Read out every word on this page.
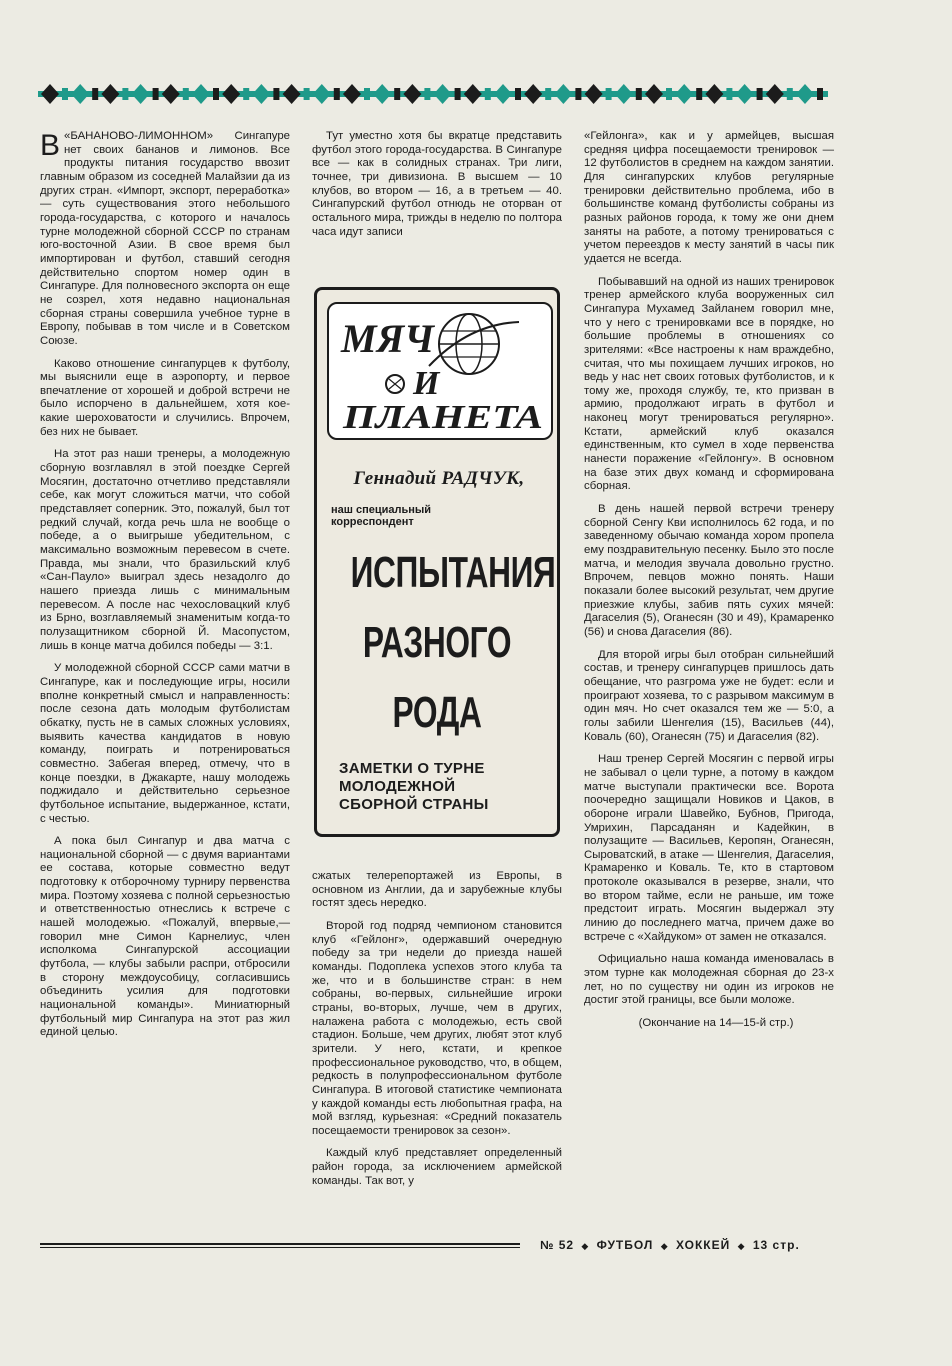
В «БАНАНОВО-ЛИМОННОМ» Сингапуре нет своих бананов и лимонов. Все продукты питания государство ввозит главным образом из соседней Малайзии да из других стран. «Импорт, экспорт, переработка» — суть существования этого небольшого города-государства, с которого и началось турне молодежной сборной СССР по странам юго-восточной Азии. В свое время был импортирован и футбол, ставший сегодня действительно спортом номер один в Сингапуре. Для полновесного экспорта он еще не созрел, хотя недавно национальная сборная страны совершила учебное турне в Европу, побывав в том числе и в Советском Союзе.

Каково отношение сингапурцев к футболу, мы выяснили еще в аэропорту, и первое впечатление от хорошей и доброй встречи не было испорчено в дальнейшем, хотя кое-какие шероховатости и случились. Впрочем, без них не бывает.

На этот раз наши тренеры, а молодежную сборную возглавлял в этой поездке Сергей Мосягин, достаточно отчетливо представляли себе, как могут сложиться матчи, что собой представляет соперник. Это, пожалуй, был тот редкий случай, когда речь шла не вообще о победе, а о выигрыше убедительном, с максимально возможным перевесом в счете. Правда, мы знали, что бразильский клуб «Сан-Пауло» выиграл здесь незадолго до нашего приезда лишь с минимальным перевесом. А после нас чехословацкий клуб из Брно, возглавляемый знаменитым когда-то полузащитником сборной Й. Масопустом, лишь в конце матча добился победы — 3:1.

У молодежной сборной СССР сами матчи в Сингапуре, как и последующие игры, носили вполне конкретный смысл и направленность: после сезона дать молодым футболистам обкатку, пусть не в самых сложных условиях, выявить качества кандидатов в новую команду, поиграть и потренироваться совместно. Забегая вперед, отмечу, что в конце поездки, в Джакарте, нашу молодежь поджидало и действительно серьезное футбольное испытание, выдержанное, кстати, с честью.

А пока был Сингапур и два матча с национальной сборной — с двумя вариантами ее состава, которые совместно ведут подготовку к отборочному турниру первенства мира. Поэтому хозяева с полной серьезностью и ответственностью отнеслись к встрече с нашей молодежью. «Пожалуй, впервые,— говорил мне Симон Карнелиус, член исполкома Сингапурской ассоциации футбола, — клубы забыли распри, отбросили в сторону междоусобицу, согласившись объединить усилия для подготовки национальной команды». Миниатюрный футбольный мир Сингапура на этот раз жил единой целью.

Тут уместно хотя бы вкратце представить футбол этого города-государства. В Сингапуре все — как в солидных странах. Три лиги, точнее, три дивизиона. В высшем — 10 клубов, во втором — 16, а в третьем — 40. Сингапурский футбол отнюдь не оторван от остального мира, трижды в неделю по полтора часа идут записи

МЯЧ
И
ПЛАНЕТА
Геннадий РАДЧУК,
наш специальный
корреспондент
ИСПЫТАНИЯ
РАЗНОГО
РОДА
ЗАМЕТКИ О ТУРНЕ
МОЛОДЕЖНОЙ
СБОРНОЙ СТРАНЫ

сжатых телерепортажей из Европы, в основном из Англии, да и зарубежные клубы гостят здесь нередко.

Второй год подряд чемпионом становится клуб «Гейлонг», одержавший очередную победу за три недели до приезда нашей команды. Подоплека успехов этого клуба та же, что и в большинстве стран: в нем собраны, во-первых, сильнейшие игроки страны, во-вторых, лучше, чем в других, налажена работа с молодежью, есть свой стадион. Больше, чем других, любят этот клуб зрители. У него, кстати, и крепкое профессиональное руководство, что, в общем, редкость в полупрофессиональном футболе Сингапура. В итоговой статистике чемпионата у каждой команды есть любопытная графа, на мой взгляд, курьезная: «Средний показатель посещаемости тренировок за сезон».

Каждый клуб представляет определенный район города, за исключением армейской команды. Так вот, у

«Гейлонга», как и у армейцев, высшая средняя цифра посещаемости тренировок — 12 футболистов в среднем на каждом занятии. Для сингапурских клубов регулярные тренировки действительно проблема, ибо в большинстве команд футболисты собраны из разных районов города, к тому же они днем заняты на работе, а потому тренироваться с учетом переездов к месту занятий в часы пик удается не всегда.

Побывавший на одной из наших тренировок тренер армейского клуба вооруженных сил Сингапура Мухамед Зайланем говорил мне, что у него с тренировками все в порядке, но большие проблемы в отношениях со зрителями: «Все настроены к нам враждебно, считая, что мы похищаем лучших игроков, но ведь у нас нет своих готовых футболистов, и к тому же, проходя службу, те, кто призван в армию, продолжают играть в футбол и наконец могут тренироваться регулярно». Кстати, армейский клуб оказался единственным, кто сумел в ходе первенства нанести поражение «Гейлонгу». В основном на базе этих двух команд и сформирована сборная.

В день нашей первой встречи тренеру сборной Сенгу Кви исполнилось 62 года, и по заведенному обычаю команда хором пропела ему поздравительную песенку. Было это после матча, и мелодия звучала довольно грустно. Впрочем, певцов можно понять. Наши показали более высокий результат, чем другие приезжие клубы, забив пять сухих мячей: Даraселия (5), Оганесян (30 и 49), Крамаренко (56) и снова Даraселия (86).

Для второй игры был отобран сильнейший состав, и тренеру сингапурцев пришлось дать обещание, что разгрома уже не будет: если и проиграют хозяева, то с разрывом максимум в один мяч. Но счет оказался тем же — 5:0, а голы забили Шенгелия (15), Васильев (44), Коваль (60), Оганесян (75) и Даraселия (82).

Наш тренер Сергей Мосягин с первой игры не забывал о цели турне, а потому в каждом матче выступали практически все. Ворота поочередно защищали Новиков и Цаков, в обороне играли Шавейко, Бубнов, Пригода, Умрихин, Парсаданян и Кадейкин, в полузащите — Васильев, Керопян, Оганесян, Сыроватский, в атаке — Шенгелия, Даraселия, Крамаренко и Коваль. Те, кто в стартовом протоколе оказывался в резерве, знали, что во втором тайме, если не раньше, им тоже предстоит играть. Мосягин выдержал эту линию до последнего матча, причем даже во встрече с «Хайдуком» от замен не отказался.

Официально наша команда именовалась в этом турне как молодежная сборная до 23-х лет, но по существу ни один из игроков не достиг этой границы, все были моложе.

(Окончание на 14—15-й стр.)

№ 52 ◆ ФУТБОЛ ◆ ХОККЕЙ ◆ 13 стр.
